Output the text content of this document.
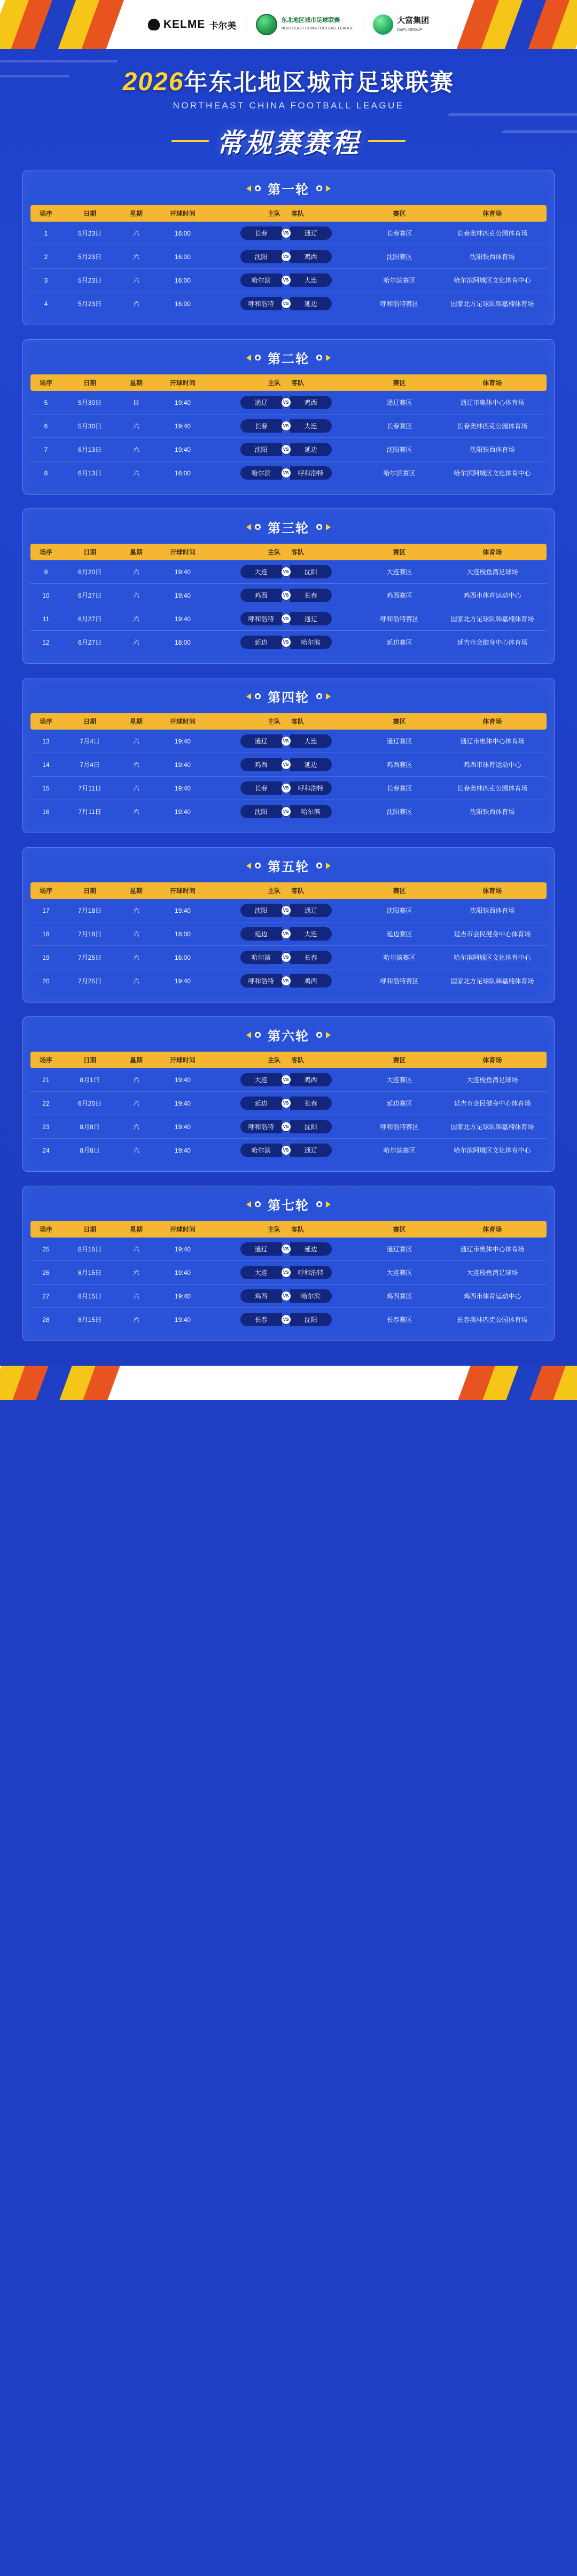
KELME 卡尔美
东北地区城市足球联赛
NORTHEAST CHINA FOOTBALL LEAGUE
大富集团
DAFU GROUP
2026年东北地区城市足球联赛
NORTHEAST CHINA FOOTBALL LEAGUE
常规赛赛程
第一轮
场序	日期	星期	开球时间	主队      客队	赛区	体育场
1	5月23日	六	16:00	长春 VS 通辽	长春赛区	长春奥林匹克公园体育场
2	5月23日	六	16:00	沈阳 VS 鸡西	沈阳赛区	沈阳铁西体育场
3	5月23日	六	16:00	哈尔滨 VS 大连	哈尔滨赛区	哈尔滨阿城区文化体育中心
4	5月23日	六	16:00	呼和浩特 VS 延边	呼和浩特赛区	国家北方足球队韩嘉楠体育场
第二轮
场序	日期	星期	开球时间	主队      客队	赛区	体育场
5	5月30日	日	19:40	通辽 VS 鸡西	通辽赛区	通辽市奥体中心体育场
6	5月30日	六	19:40	长春 VS 大连	长春赛区	长春奥林匹克公园体育场
7	6月13日	六	19:40	沈阳 VS 延边	沈阳赛区	沈阳铁西体育场
8	6月13日	六	16:00	哈尔滨 VS 呼和浩特	哈尔滨赛区	哈尔滨阿城区文化体育中心
第三轮
场序	日期	星期	开球时间	主队      客队	赛区	体育场
9	6月20日	六	19:40	大连 VS 沈阳	大连赛区	大连梭鱼湾足球场
10	6月27日	六	19:40	鸡西 VS 长春	鸡西赛区	鸡西市体育运动中心
11	6月27日	六	19:40	呼和浩特 VS 通辽	呼和浩特赛区	国家北方足球队韩嘉楠体育场
12	6月27日	六	18:00	延边 VS 哈尔滨	延边赛区	延吉市会健身中心体育场
第四轮
场序	日期	星期	开球时间	主队      客队	赛区	体育场
13	7月4日	六	19:40	通辽 VS 大连	通辽赛区	通辽市奥体中心体育场
14	7月4日	六	19:40	鸡西 VS 延边	鸡西赛区	鸡西市体育运动中心
15	7月11日	六	19:40	长春 VS 呼和浩特	长春赛区	长春奥林匹克公园体育场
16	7月11日	六	19:40	沈阳 VS 哈尔滨	沈阳赛区	沈阳铁西体育场
第五轮
场序	日期	星期	开球时间	主队      客队	赛区	体育场
17	7月18日	六	19:40	沈阳 VS 通辽	沈阳赛区	沈阳铁西体育场
18	7月18日	六	18:00	延边 VS 大连	延边赛区	延吉市会民健身中心体育场
19	7月25日	六	16:00	哈尔滨 VS 长春	哈尔滨赛区	哈尔滨阿城区文化体育中心
20	7月25日	六	19:40	呼和浩特 VS 鸡西	呼和浩特赛区	国家北方足球队韩嘉楠体育场
第六轮
场序	日期	星期	开球时间	主队      客队	赛区	体育场
21	8月1日	六	19:40	大连 VS 鸡西	大连赛区	大连梭鱼湾足球场
22	6月20日	六	19:40	延边 VS 长春	延边赛区	延吉市会民健身中心体育场
23	8月8日	六	19:40	呼和浩特 VS 沈阳	呼和浩特赛区	国家北方足球队韩嘉楠体育场
24	8月8日	六	19:40	哈尔滨 VS 通辽	哈尔滨赛区	哈尔滨阿城区文化体育中心
第七轮
场序	日期	星期	开球时间	主队      客队	赛区	体育场
25	8月15日	六	19:40	通辽 VS 延边	通辽赛区	通辽市奥体中心体育场
26	8月15日	六	19:40	大连 VS 呼和浩特	大连赛区	大连梭鱼湾足球场
27	8月15日	六	19:40	鸡西 VS 哈尔滨	鸡西赛区	鸡西市体育运动中心
28	8月15日	六	19:40	长春 VS 沈阳	长春赛区	长春奥林匹克公园体育场
